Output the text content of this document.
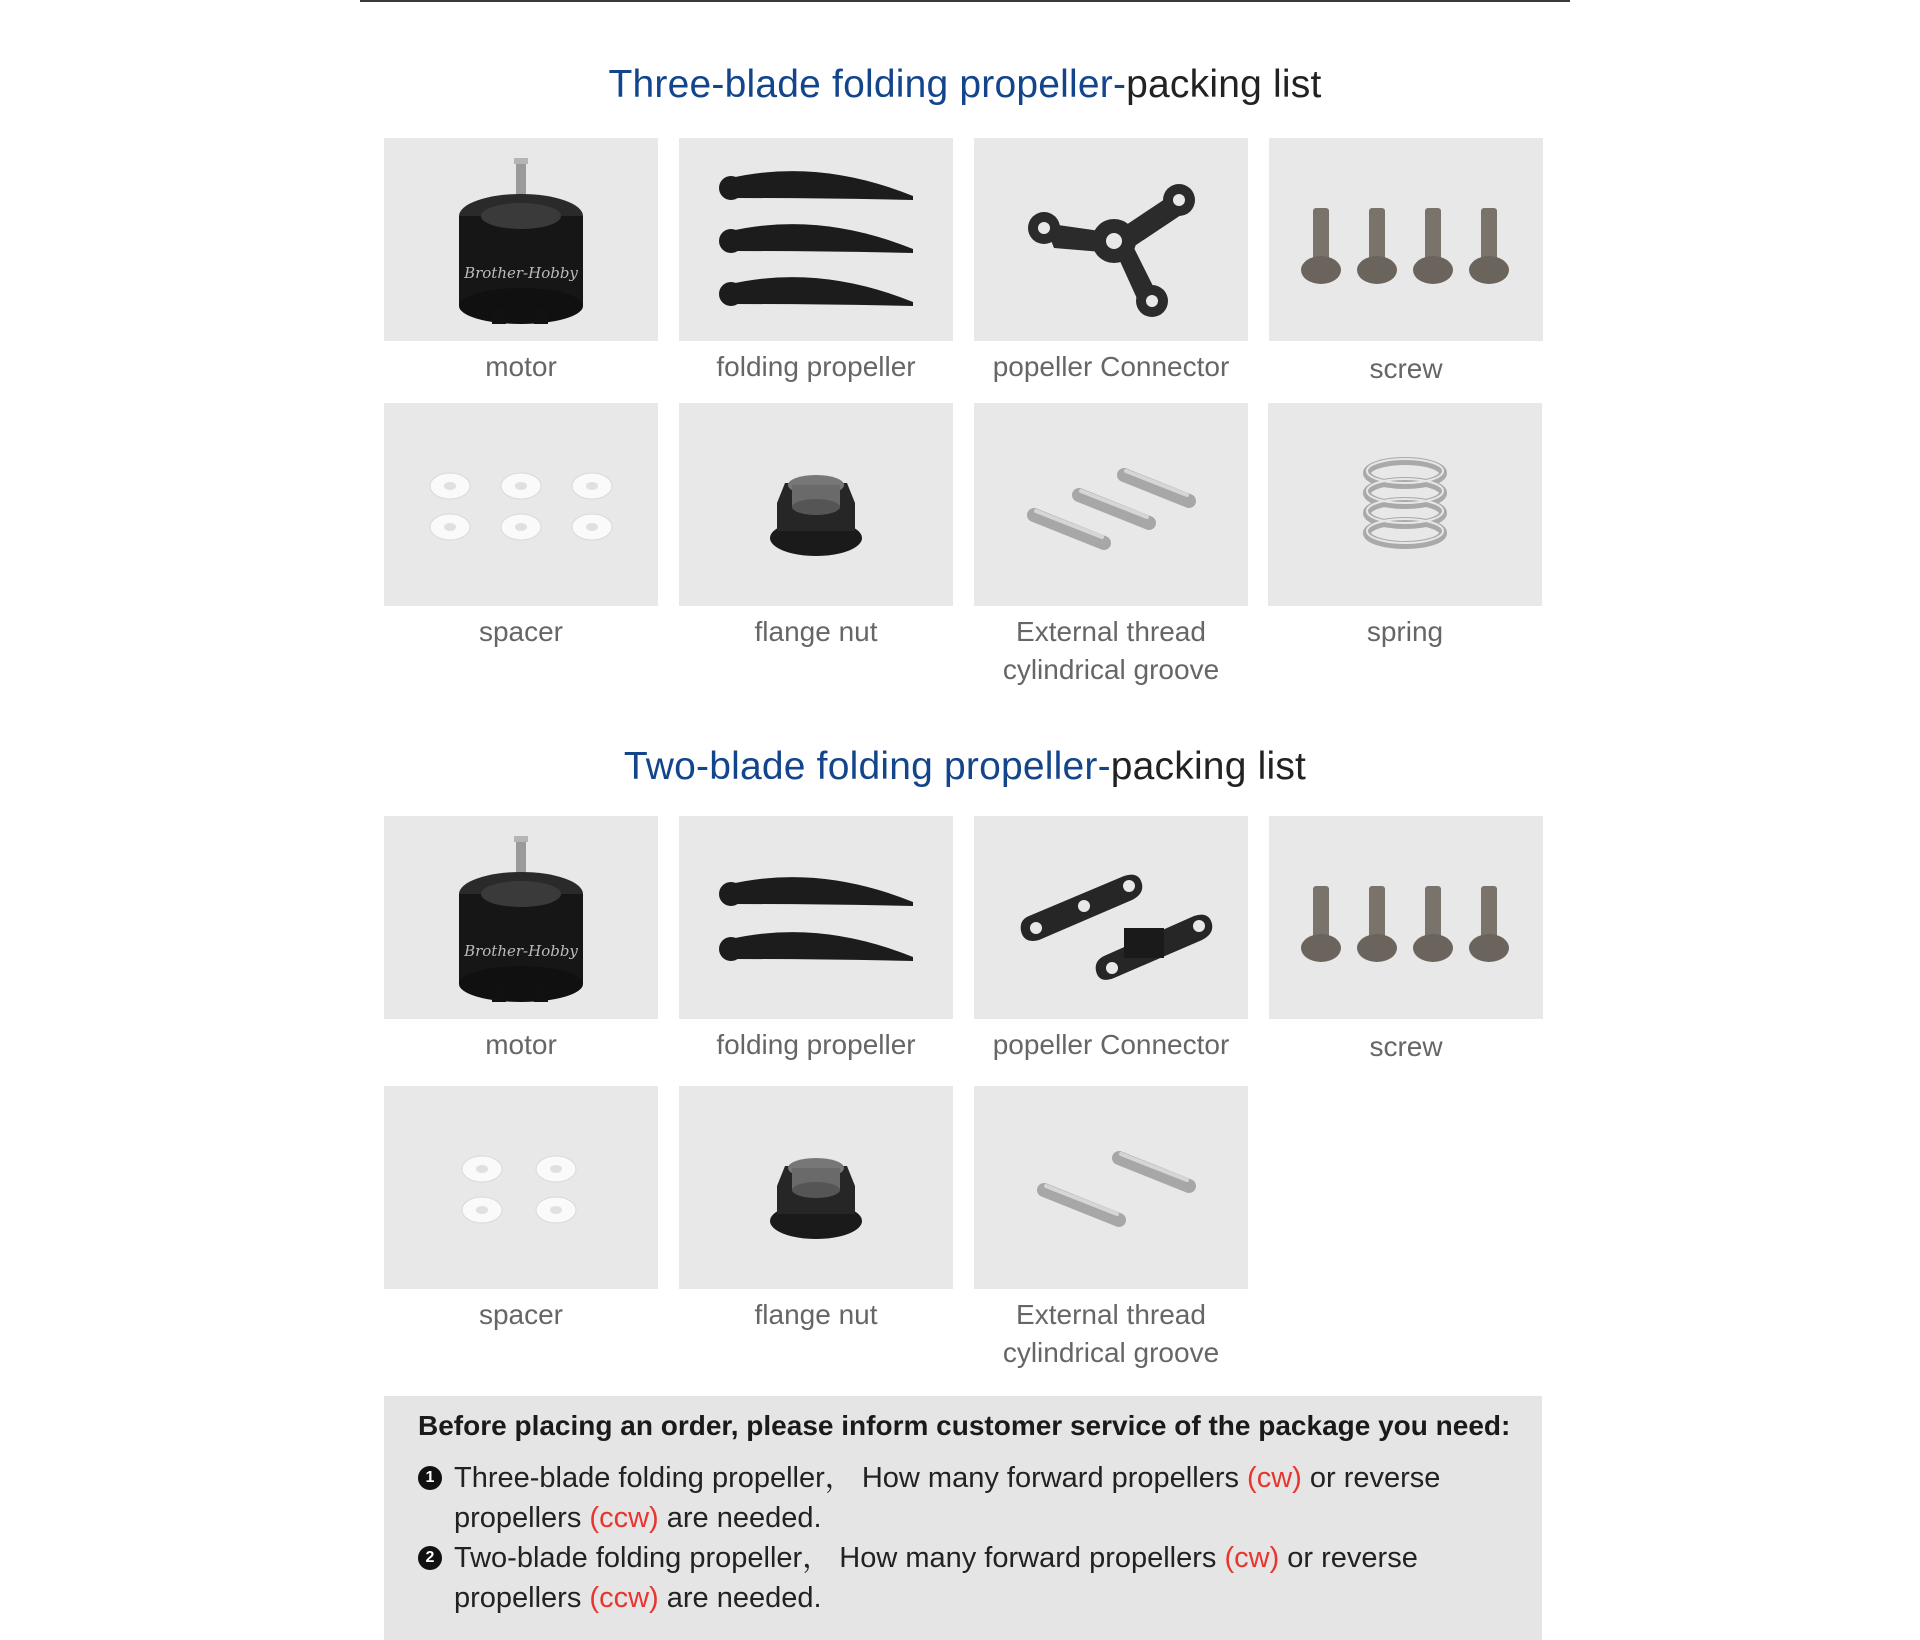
Three-blade folding propeller-packing list
Brother-Hobby
motor	folding propeller	popeller Connector	screw
spacer	flange nut	External thread
cylindrical groove
spring
Two-blade folding propeller-packing list
Brother-Hobby
motor	folding propeller	popeller Connector	screw
spacer	flange nut	External thread
cylindrical groove
Before placing an order, please inform customer service of the package you need:
1 Three-blade folding propeller， How many forward propellers (cw) or reverse propellers (ccw) are needed.
2 Two-blade folding propeller， How many forward propellers (cw) or reverse propellers (ccw) are needed.
